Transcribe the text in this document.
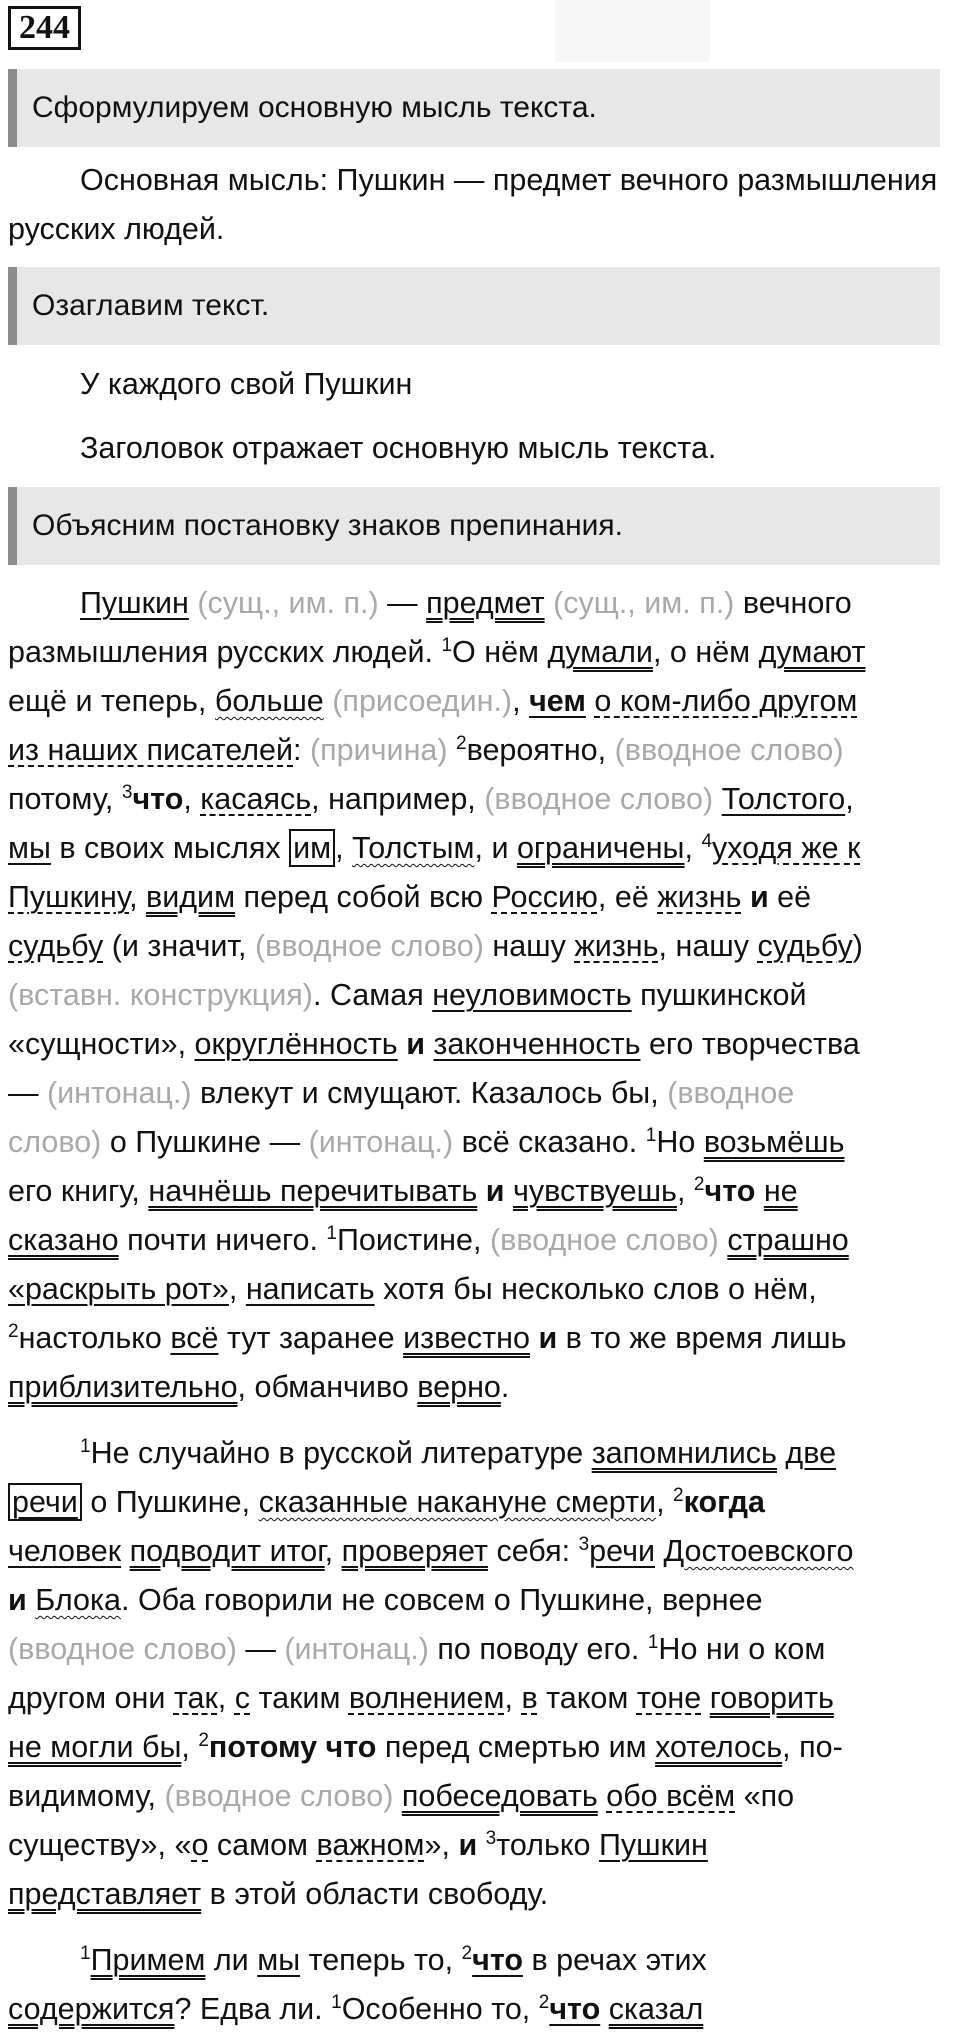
244
Сформулируем основную мысль текста.

Основная мысль: Пушкин — предмет вечного размышления русских людей.

Озаглавим текст.

У каждого свой Пушкин

Заголовок отражает основную мысль текста.

Объясним постановку знаков препинания.
Пушкин (сущ., им. п.) — предмет (сущ., им. п.) вечного
размышления русских людей. $^1$О нём думали, о нём думают
ещё и теперь, больше (присоедин.), чем о ком-либо другом
из наших писателей: (причина) $^2$вероятно, (вводное слово)
потому, $^3$что, касаясь, например, (вводное слово) Толстого,
мы в своих мыслях им , Толстым, и ограничены, $^4$уходя же к
Пушкину, видим перед собой всю Россию, её жизнь и её
судьбу (и значит, (вводное слово) нашу жизнь, нашу судьбу)
(вставн. конструкция). Самая неуловимость пушкинской
«сущности», округлённость и законченность его творчества
— (интонац.) влекут и смущают. Казалось бы, (вводное
слово) о Пушкине — (интонац.) всё сказано. $^1$Но возьмёшь
его книгу, начнёшь перечитывать и чувствуешь, $^2$что не
сказано почти ничего. $^1$Поистине, (вводное слово) страшно
«раскрыть рот», написать хотя бы несколько слов о нём,
$^2$настолько всё тут заранее известно и в то же время лишь
приблизительно, обманчиво верно.
$^1$Не случайно в русской литературе запомнились две
речи о Пушкине, сказанные накануне смерти, $^2$когда
человек подводит итог, проверяет себя: $^3$речи Достоевского
и Блока. Оба говорили не совсем о Пушкине, вернее
(вводное слово) — (интонац.) по поводу его. $^1$Но ни о ком
другом они так, с таким волнением, в таком тоне говорить
не могли бы, $^2$потому что перед смертью им хотелось, по-
видимому, (вводное слово) побеседовать обо всём «по
существу», «о самом важном», и $^3$только Пушкин
представляет в этой области свободу.
$^1$Примем ли мы теперь то, $^2$что в речах этих
содержится? Едва ли. $^1$Особенно то, $^2$что сказал
